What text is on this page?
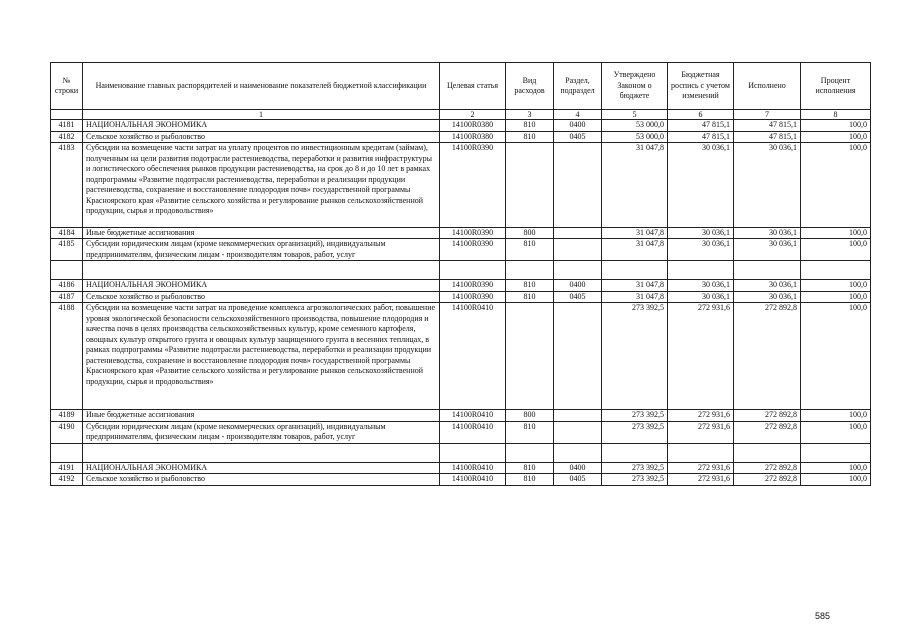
№ строки	Наименование главных распорядителей и наименование показателей бюджетной классификации	Целевая статья	Вид расходов	Раздел, подраздел	Утверждено Законом о бюджете	Бюджетная роспись с учетом изменений	Исполнено	Процент исполнения
	1	2	3	4	5	6	7	8
4181	НАЦИОНАЛЬНАЯ ЭКОНОМИКА	14100R0380	810	0400	53 000,0	47 815,1	47 815,1	100,0
4182	Сельское хозяйство и рыболовство	14100R0380	810	0405	53 000,0	47 815,1	47 815,1	100,0
4183	Субсидии на возмещение части затрат на уплату процентов по инвестиционным кредитам (займам), полученным на цели развития подотрасли растениеводства, переработки и развития инфраструктуры и логистического обеспечения рынков продукции растениеводства, на срок до 8 и до 10 лет в рамках подпрограммы «Развитие подотрасли растениеводства, переработки и реализации продукции растениеводства, сохранение и восстановление плодородия почв» государственной программы Красноярского края «Развитие сельского хозяйства и регулирование рынков сельскохозяйственной продукции, сырья и продовольствия»	14100R0390			31 047,8	30 036,1	30 036,1	100,0
4184	Иные бюджетные ассигнования	14100R0390	800		31 047,8	30 036,1	30 036,1	100,0
4185	Субсидии юридическим лицам (кроме некоммерческих организаций), индивидуальным предпринимателям, физическим лицам - производителям товаров, работ, услуг	14100R0390	810		31 047,8	30 036,1	30 036,1	100,0

4186	НАЦИОНАЛЬНАЯ ЭКОНОМИКА	14100R0390	810	0400	31 047,8	30 036,1	30 036,1	100,0
4187	Сельское хозяйство и рыболовство	14100R0390	810	0405	31 047,8	30 036,1	30 036,1	100,0
4188	Субсидии на возмещение части затрат на проведение комплекса агроэкологических работ, повышение уровня экологической безопасности сельскохозяйственного производства, повышение плодородия и качества почв в целях производства сельскохозяйственных культур, кроме семенного картофеля, овощных культур открытого грунта и овощных культур защищенного грунта в весенних теплицах, в рамках подпрограммы «Развитие подотрасли растениеводства, переработки и реализации продукции растениеводства, сохранение и восстановление плодородия почв» государственной программы Красноярского края «Развитие сельского хозяйства и регулирование рынков сельскохозяйственной продукции, сырья и продовольствия»	14100R0410			273 392,5	272 931,6	272 892,8	100,0
4189	Иные бюджетные ассигнования	14100R0410	800		273 392,5	272 931,6	272 892,8	100,0
4190	Субсидии юридическим лицам (кроме некоммерческих организаций), индивидуальным предпринимателям, физическим лицам - производителям товаров, работ, услуг	14100R0410	810		273 392,5	272 931,6	272 892,8	100,0

4191	НАЦИОНАЛЬНАЯ ЭКОНОМИКА	14100R0410	810	0400	273 392,5	272 931,6	272 892,8	100,0
4192	Сельское хозяйство и рыболовство	14100R0410	810	0405	273 392,5	272 931,6	272 892,8	100,0
585
